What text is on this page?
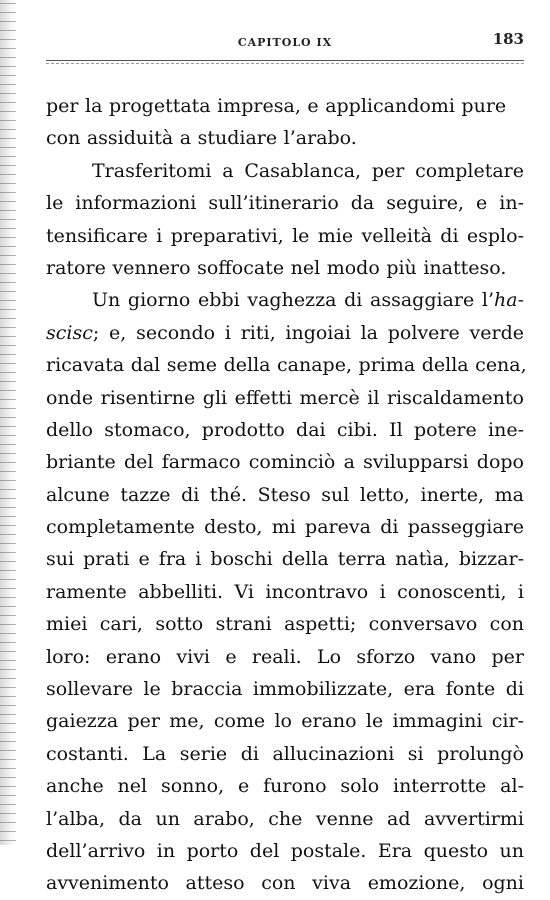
CAPITOLO IX	183
per la progettata impresa, e applicandomi pure
con assiduità a studiare l’arabo.
Trasferitomi a Casablanca, per completare
le informazioni sull’itinerario da seguire, e in-
tensificare i preparativi, le mie velleità di esplo-
ratore vennero soffocate nel modo più inatteso.
Un giorno ebbi vaghezza di assaggiare l’ha-
scisc; e, secondo i riti, ingoiai la polvere verde
ricavata dal seme della canape, prima della cena,
onde risentirne gli effetti mercè il riscaldamento
dello stomaco, prodotto dai cibi. Il potere ine-
briante del farmaco cominciò a svilupparsi dopo
alcune tazze di thé. Steso sul letto, inerte, ma
completamente desto, mi pareva di passeggiare
sui prati e fra i boschi della terra natìa, bizzar-
ramente abbelliti. Vi incontravo i conoscenti, i
miei cari, sotto strani aspetti; conversavo con
loro: erano vivi e reali. Lo sforzo vano per
sollevare le braccia immobilizzate, era fonte di
gaiezza per me, come lo erano le immagini cir-
costanti. La serie di allucinazioni si prolungò
anche nel sonno, e furono solo interrotte al-
l’alba, da un arabo, che venne ad avvertirmi
dell’arrivo in porto del postale. Era questo un
avvenimento atteso con viva emozione, ogni
